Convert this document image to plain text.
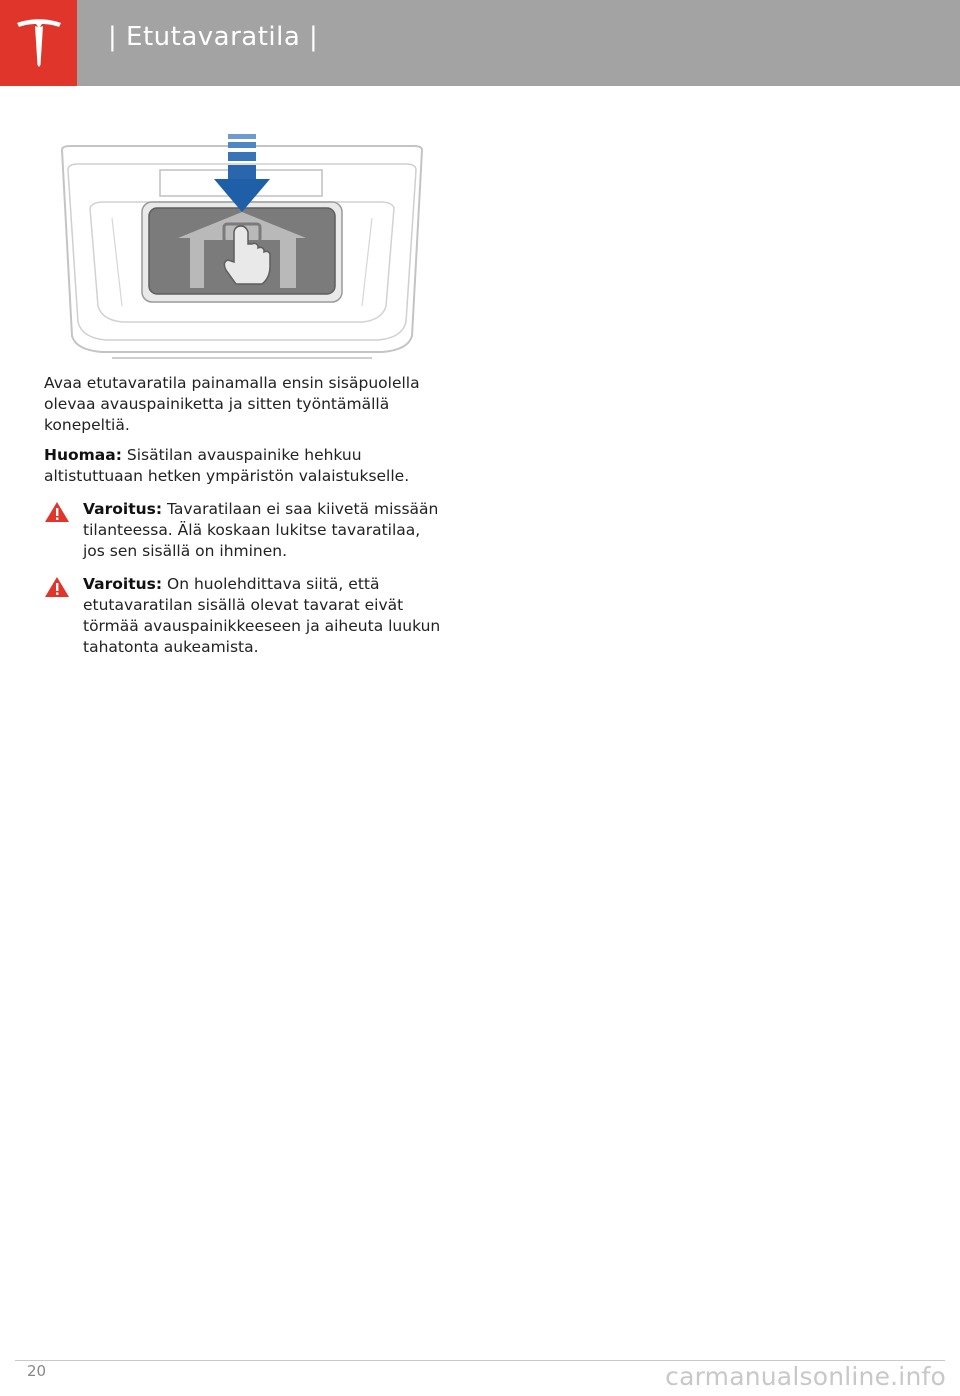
| Etutavaratila |

Avaa etutavaratila painamalla ensin sisäpuolella olevaa avauspainiketta ja sitten työntämällä konepeltiä.

Huomaa: Sisätilan avauspainike hehkuu altistuttuaan hetken ympäristön valaistukselle.

Varoitus: Tavaratilaan ei saa kiivetä missään tilanteessa. Älä koskaan lukitse tavaratilaa, jos sen sisällä on ihminen.
Varoitus: On huolehdittava siitä, että etutavaratilan sisällä olevat tavarat eivät törmää avauspainikkeeseen ja aiheuta luukun tahatonta aukeamista.
20	carmanualsonline.info
